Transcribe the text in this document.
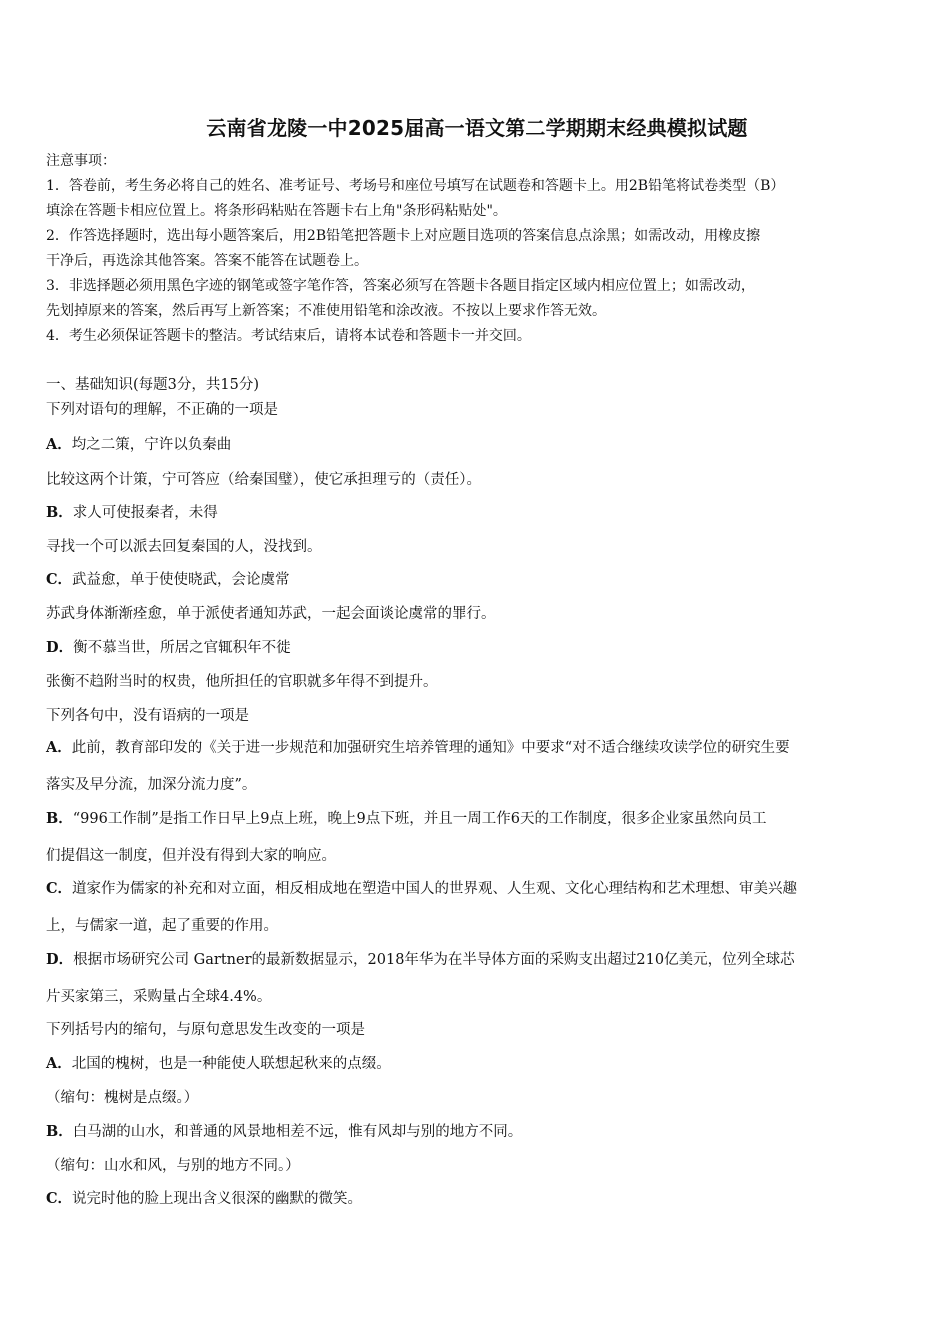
云南省龙陵一中2025届高一语文第二学期期末经典模拟试题
注意事项：
1．答卷前，考生务必将自己的姓名、准考证号、考场号和座位号填写在试题卷和答题卡上。用2B铅笔将试卷类型（B）
填涂在答题卡相应位置上。将条形码粘贴在答题卡右上角"条形码粘贴处"。
2．作答选择题时，选出每小题答案后，用2B铅笔把答题卡上对应题目选项的答案信息点涂黑；如需改动，用橡皮擦
干净后，再选涂其他答案。答案不能答在试题卷上。
3．非选择题必须用黑色字迹的钢笔或签字笔作答，答案必须写在答题卡各题目指定区域内相应位置上；如需改动，
先划掉原来的答案，然后再写上新答案；不准使用铅笔和涂改液。不按以上要求作答无效。
4．考生必须保证答题卡的整洁。考试结束后，请将本试卷和答题卡一并交回。
一、基础知识(每题3分，共15分)
下列对语句的理解，不正确的一项是
A．均之二策，宁许以负秦曲
比较这两个计策，宁可答应（给秦国璧），使它承担理亏的（责任）。
B．求人可使报秦者，未得
寻找一个可以派去回复秦国的人，没找到。
C．武益愈，单于使使晓武，会论虞常
苏武身体渐渐痊愈，单于派使者通知苏武，一起会面谈论虞常的罪行。
D．衡不慕当世，所居之官辄积年不徙
张衡不趋附当时的权贵，他所担任的官职就多年得不到提升。
下列各句中，没有语病的一项是
A．此前，教育部印发的《关于进一步规范和加强研究生培养管理的通知》中要求“对不适合继续攻读学位的研究生要
落实及早分流，加深分流力度”。
B．“996工作制”是指工作日早上9点上班，晚上9点下班，并且一周工作6天的工作制度，很多企业家虽然向员工
们提倡这一制度，但并没有得到大家的响应。
C．道家作为儒家的补充和对立面，相反相成地在塑造中国人的世界观、人生观、文化心理结构和艺术理想、审美兴趣
上，与儒家一道，起了重要的作用。
D．根据市场研究公司 Gartner的最新数据显示，2018年华为在半导体方面的采购支出超过210亿美元，位列全球芯
片买家第三，采购量占全球4.4%。
下列括号内的缩句，与原句意思发生改变的一项是
A．北国的槐树，也是一种能使人联想起秋来的点缀。
（缩句：槐树是点缀。）
B．白马湖的山水，和普通的风景地相差不远，惟有风却与别的地方不同。
（缩句：山水和风，与别的地方不同。）
C．说完时他的脸上现出含义很深的幽默的微笑。
